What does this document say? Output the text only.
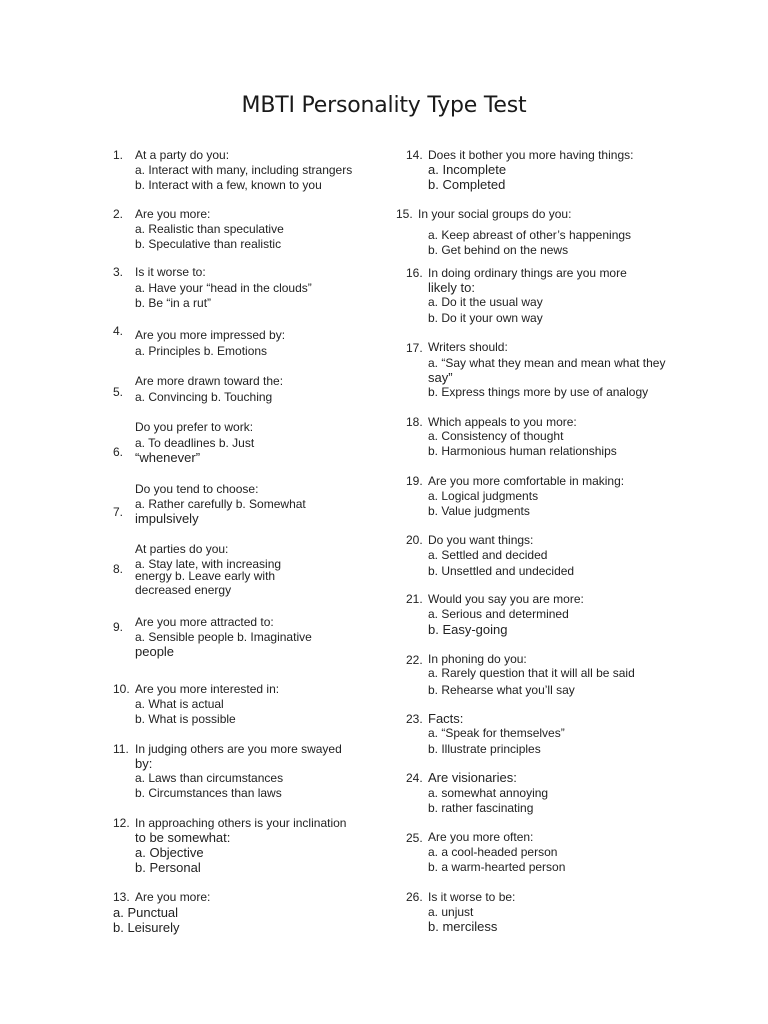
MBTI Personality Type Test
1. At a party do you:
a. Interact with many, including strangers
b. Interact with a few, known to you
2. Are you more:
a. Realistic than speculative
b. Speculative than realistic
3. Is it worse to:
a. Have your “head in the clouds”
b. Be “in a rut”
4. Are you more impressed by:
a. Principles b. Emotions
Are more drawn toward the:
5. a. Convincing b. Touching
Do you prefer to work:
a. To deadlines b. Just
6. “whenever”
Do you tend to choose:
a. Rather carefully b. Somewhat
7. impulsively
At parties do you:
a. Stay late, with increasing
8. energy b. Leave early with
decreased energy
Are you more attracted to:
9.
a. Sensible people b. Imaginative
people
10. Are you more interested in:
a. What is actual
b. What is possible
11. In judging others are you more swayed
by:
a. Laws than circumstances
b. Circumstances than laws
12. In approaching others is your inclination
to be somewhat:
a. Objective
b. Personal
13. Are you more:
a. Punctual
b. Leisurely
14. Does it bother you more having things:
a. Incomplete
b. Completed
15. In your social groups do you:
a. Keep abreast of other’s happenings
b. Get behind on the news
16. In doing ordinary things are you more
likely to:
a. Do it the usual way
b. Do it your own way
17. Writers should:
a. “Say what they mean and mean what they
say”
b. Express things more by use of analogy
18. Which appeals to you more:
a. Consistency of thought
b. Harmonious human relationships
19. Are you more comfortable in making:
a. Logical judgments
b. Value judgments
20. Do you want things:
a. Settled and decided
b. Unsettled and undecided
21. Would you say you are more:
a. Serious and determined
b. Easy-going
22. In phoning do you:
a. Rarely question that it will all be said
b. Rehearse what you’ll say
23. Facts:
a. “Speak for themselves”
b. Illustrate principles
24. Are visionaries:
a. somewhat annoying
b. rather fascinating
25. Are you more often:
a. a cool-headed person
b. a warm-hearted person
26. Is it worse to be:
a. unjust
b. merciless
